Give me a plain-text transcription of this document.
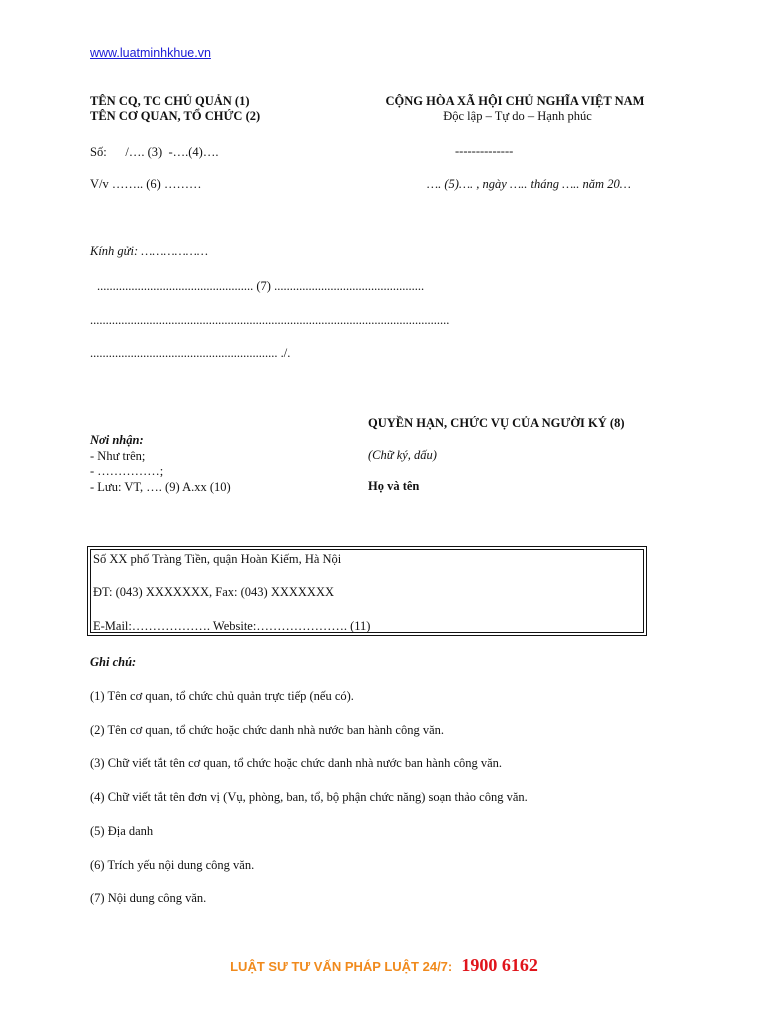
www.luatminhkhue.vn
TÊN CQ, TC CHỦ QUẢN (1)
TÊN CƠ QUAN, TỔ CHỨC (2)
CỘNG HÒA XÃ HỘI CHỦ NGHĨA VIỆT NAM
Độc lập – Tự do – Hạnh phúc
--------------
Số:      /…. (3)  -….(4)….
V/v …….. (6) ………	…. (5)…. , ngày ….. tháng ….. năm 20…
Kính gửi: ………………
.................................................. (7) ................................................
...................................................................................................................
............................................................ ./.
QUYỀN HẠN, CHỨC VỤ CỦA NGƯỜI KÝ (8)
(Chữ ký, dấu)
Họ và tên
Nơi nhận:
- Như trên;
- ……………;
- Lưu: VT, …. (9) A.xx (10)
Số XX phố Tràng Tiền, quận Hoàn Kiếm, Hà Nội
ĐT: (043) XXXXXXX, Fax: (043) XXXXXXX
E-Mail:………………. Website:…………………. (11)
Ghi chú:
(1) Tên cơ quan, tổ chức chủ quản trực tiếp (nếu có).
(2) Tên cơ quan, tổ chức hoặc chức danh nhà nước ban hành công văn.
(3) Chữ viết tắt tên cơ quan, tổ chức hoặc chức danh nhà nước ban hành công văn.
(4) Chữ viết tắt tên đơn vị (Vụ, phòng, ban, tổ, bộ phận chức năng) soạn thảo công văn.
(5) Địa danh
(6) Trích yếu nội dung công văn.
(7) Nội dung công văn.
LUẬT SƯ TƯ VẤN PHÁP LUẬT 24/7: 1900 6162
